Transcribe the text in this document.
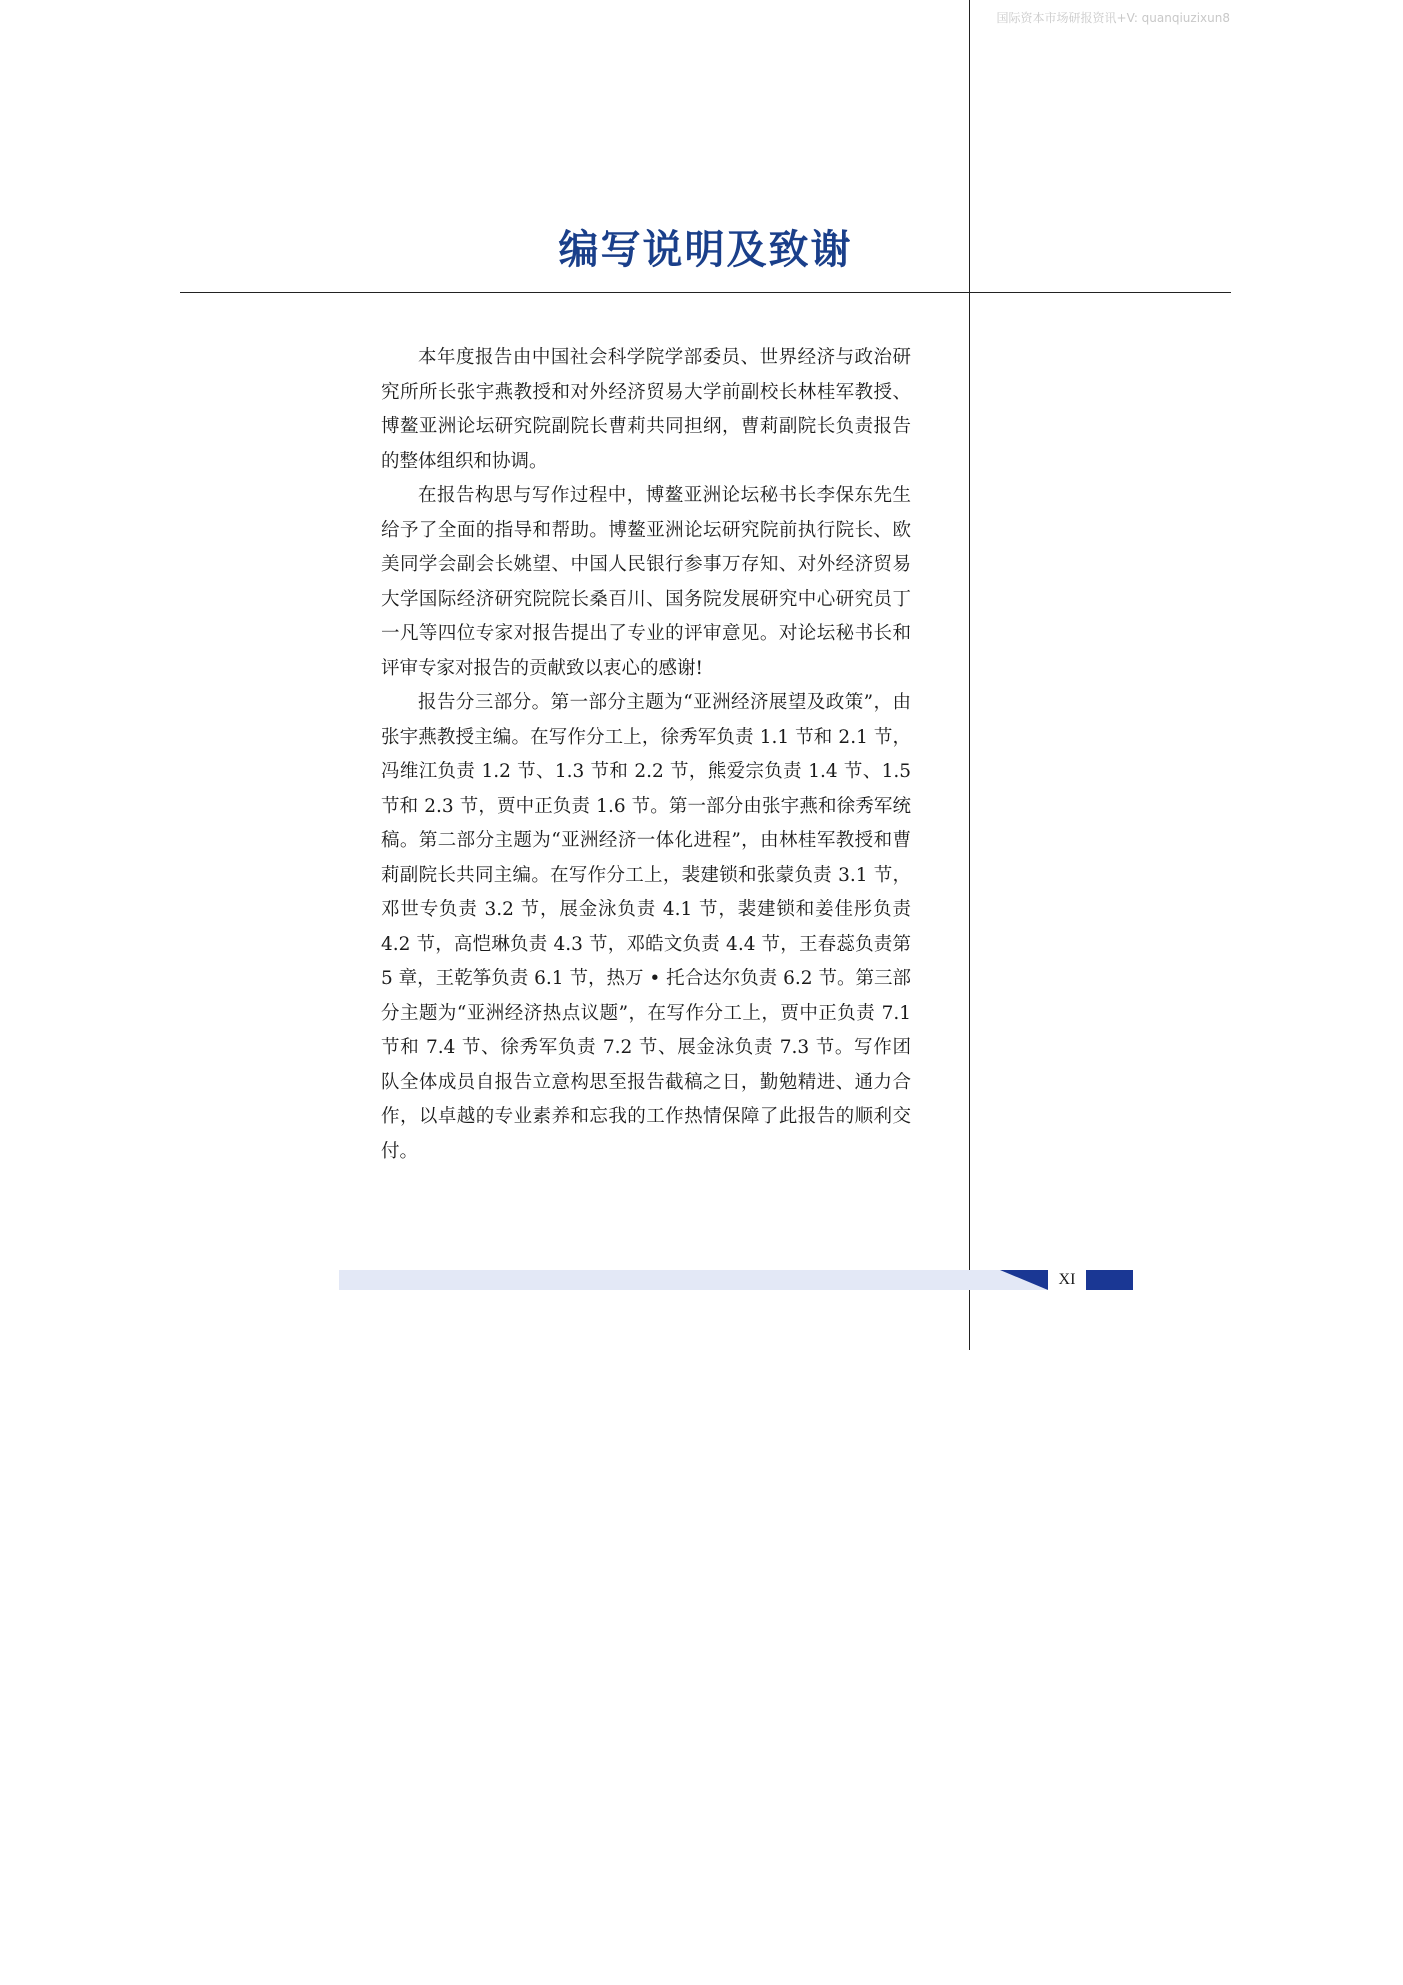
国际资本市场研报资讯+V: quanqiuzixun8
编写说明及致谢

本年度报告由中国社会科学院学部委员、世界经济与政治研究所所长张宇燕教授和对外经济贸易大学前副校长林桂军教授、博鳌亚洲论坛研究院副院长曹莉共同担纲，曹莉副院长负责报告的整体组织和协调。

在报告构思与写作过程中，博鳌亚洲论坛秘书长李保东先生给予了全面的指导和帮助。博鳌亚洲论坛研究院前执行院长、欧美同学会副会长姚望、中国人民银行参事万存知、对外经济贸易大学国际经济研究院院长桑百川、国务院发展研究中心研究员丁一凡等四位专家对报告提出了专业的评审意见。对论坛秘书长和评审专家对报告的贡献致以衷心的感谢!

报告分三部分。第一部分主题为“亚洲经济展望及政策”，由张宇燕教授主编。在写作分工上，徐秀军负责 1.1 节和 2.1 节，冯维江负责 1.2 节、1.3 节和 2.2 节，熊爱宗负责 1.4 节、1.5 节和 2.3 节，贾中正负责 1.6 节。第一部分由张宇燕和徐秀军统稿。第二部分主题为“亚洲经济一体化进程”，由林桂军教授和曹莉副院长共同主编。在写作分工上，裴建锁和张蒙负责 3.1 节，邓世专负责 3.2 节，展金泳负责 4.1 节，裴建锁和姜佳彤负责 4.2 节，高恺琳负责 4.3 节，邓皓文负责 4.4 节，王春蕊负责第 5 章，王乾筝负责 6.1 节，热万 • 托合达尔负责 6.2 节。第三部分主题为“亚洲经济热点议题”，在写作分工上，贾中正负责 7.1 节和 7.4 节、徐秀军负责 7.2 节、展金泳负责 7.3 节。写作团队全体成员自报告立意构思至报告截稿之日，勤勉精进、通力合作，以卓越的专业素养和忘我的工作热情保障了此报告的顺利交付。

XI
